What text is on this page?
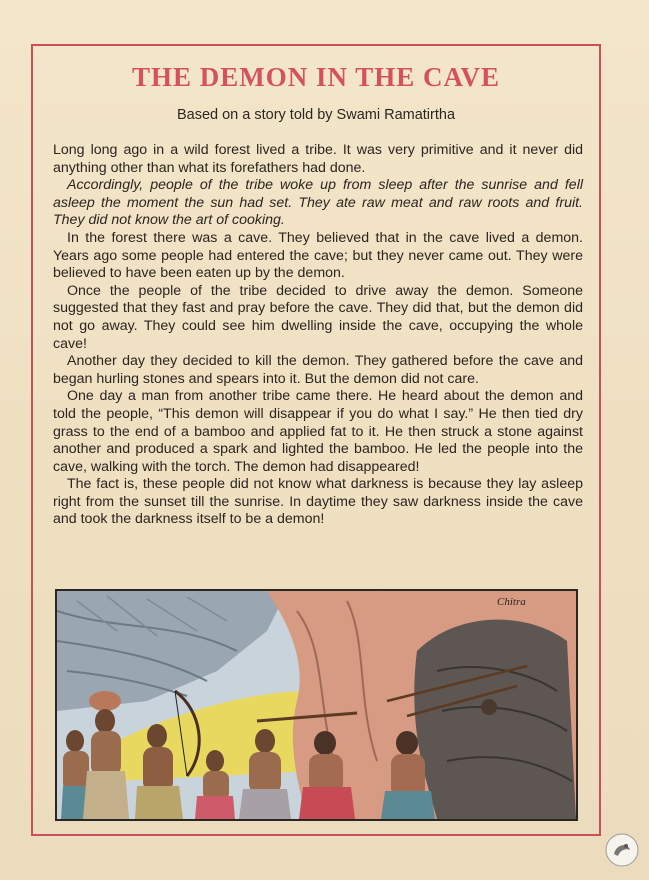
THE DEMON IN THE CAVE
Based on a story told by Swami Ramatirtha

Long long ago in a wild forest lived a tribe. It was very primitive and it never did anything other than what its forefathers had done.

Accordingly, people of the tribe woke up from sleep after the sunrise and fell asleep the moment the sun had set. They ate raw meat and raw roots and fruit. They did not know the art of cooking.

In the forest there was a cave. They believed that in the cave lived a demon. Years ago some people had entered the cave; but they never came out. They were believed to have been eaten up by the demon.

Once the people of the tribe decided to drive away the demon. Someone suggested that they fast and pray before the cave. They did that, but the demon did not go away. They could see him dwelling inside the cave, occupying the whole cave!

Another day they decided to kill the demon. They gathered before the cave and began hurling stones and spears into it. But the demon did not care.

One day a man from another tribe came there. He heard about the demon and told the people, “This demon will disappear if you do what I say.” He then tied dry grass to the end of a bamboo and applied fat to it. He then struck a stone against another and produced a spark and lighted the bamboo. He led the people into the cave, walking with the torch. The demon had disappeared!

The fact is, these people did not know what darkness is because they lay asleep right from the sunset till the sunrise. In daytime they saw darkness inside the cave and took the darkness itself to be a demon!

Chitra
